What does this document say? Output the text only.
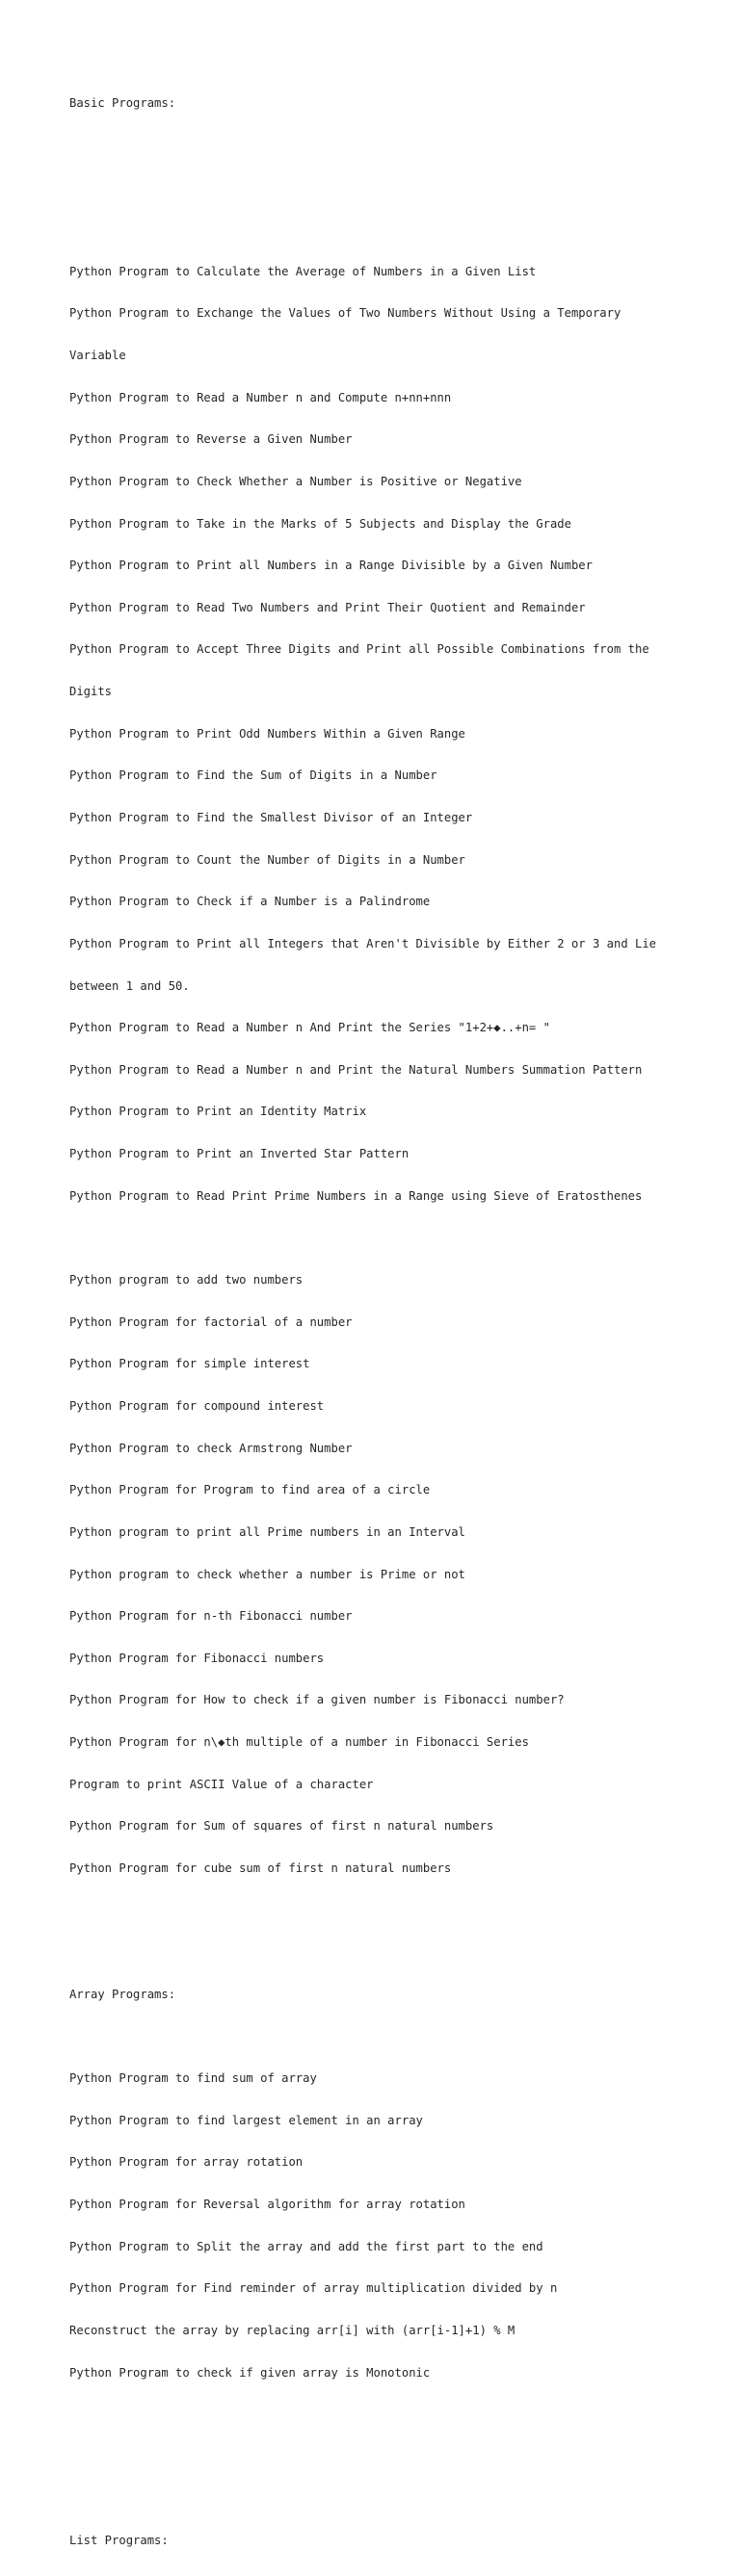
Basic Programs:

Python Program to Calculate the Average of Numbers in a Given List

Python Program to Exchange the Values of Two Numbers Without Using a Temporary

Variable

Python Program to Read a Number n and Compute n+nn+nnn

Python Program to Reverse a Given Number

Python Program to Check Whether a Number is Positive or Negative

Python Program to Take in the Marks of 5 Subjects and Display the Grade

Python Program to Print all Numbers in a Range Divisible by a Given Number

Python Program to Read Two Numbers and Print Their Quotient and Remainder

Python Program to Accept Three Digits and Print all Possible Combinations from the

Digits

Python Program to Print Odd Numbers Within a Given Range

Python Program to Find the Sum of Digits in a Number

Python Program to Find the Smallest Divisor of an Integer

Python Program to Count the Number of Digits in a Number

Python Program to Check if a Number is a Palindrome

Python Program to Print all Integers that Aren't Divisible by Either 2 or 3 and Lie

between 1 and 50.

Python Program to Read a Number n And Print the Series "1+2+◆..+n= "

Python Program to Read a Number n and Print the Natural Numbers Summation Pattern

Python Program to Print an Identity Matrix

Python Program to Print an Inverted Star Pattern

Python Program to Read Print Prime Numbers in a Range using Sieve of Eratosthenes

Python program to add two numbers

Python Program for factorial of a number

Python Program for simple interest

Python Program for compound interest

Python Program to check Armstrong Number

Python Program for Program to find area of a circle

Python program to print all Prime numbers in an Interval

Python program to check whether a number is Prime or not

Python Program for n-th Fibonacci number

Python Program for Fibonacci numbers

Python Program for How to check if a given number is Fibonacci number?

Python Program for n\◆th multiple of a number in Fibonacci Series

Program to print ASCII Value of a character

Python Program for Sum of squares of first n natural numbers

Python Program for cube sum of first n natural numbers

Array Programs:

Python Program to find sum of array

Python Program to find largest element in an array

Python Program for array rotation

Python Program for Reversal algorithm for array rotation

Python Program to Split the array and add the first part to the end

Python Program for Find reminder of array multiplication divided by n

Reconstruct the array by replacing arr[i] with (arr[i-1]+1) % M

Python Program to check if given array is Monotonic

List Programs:
